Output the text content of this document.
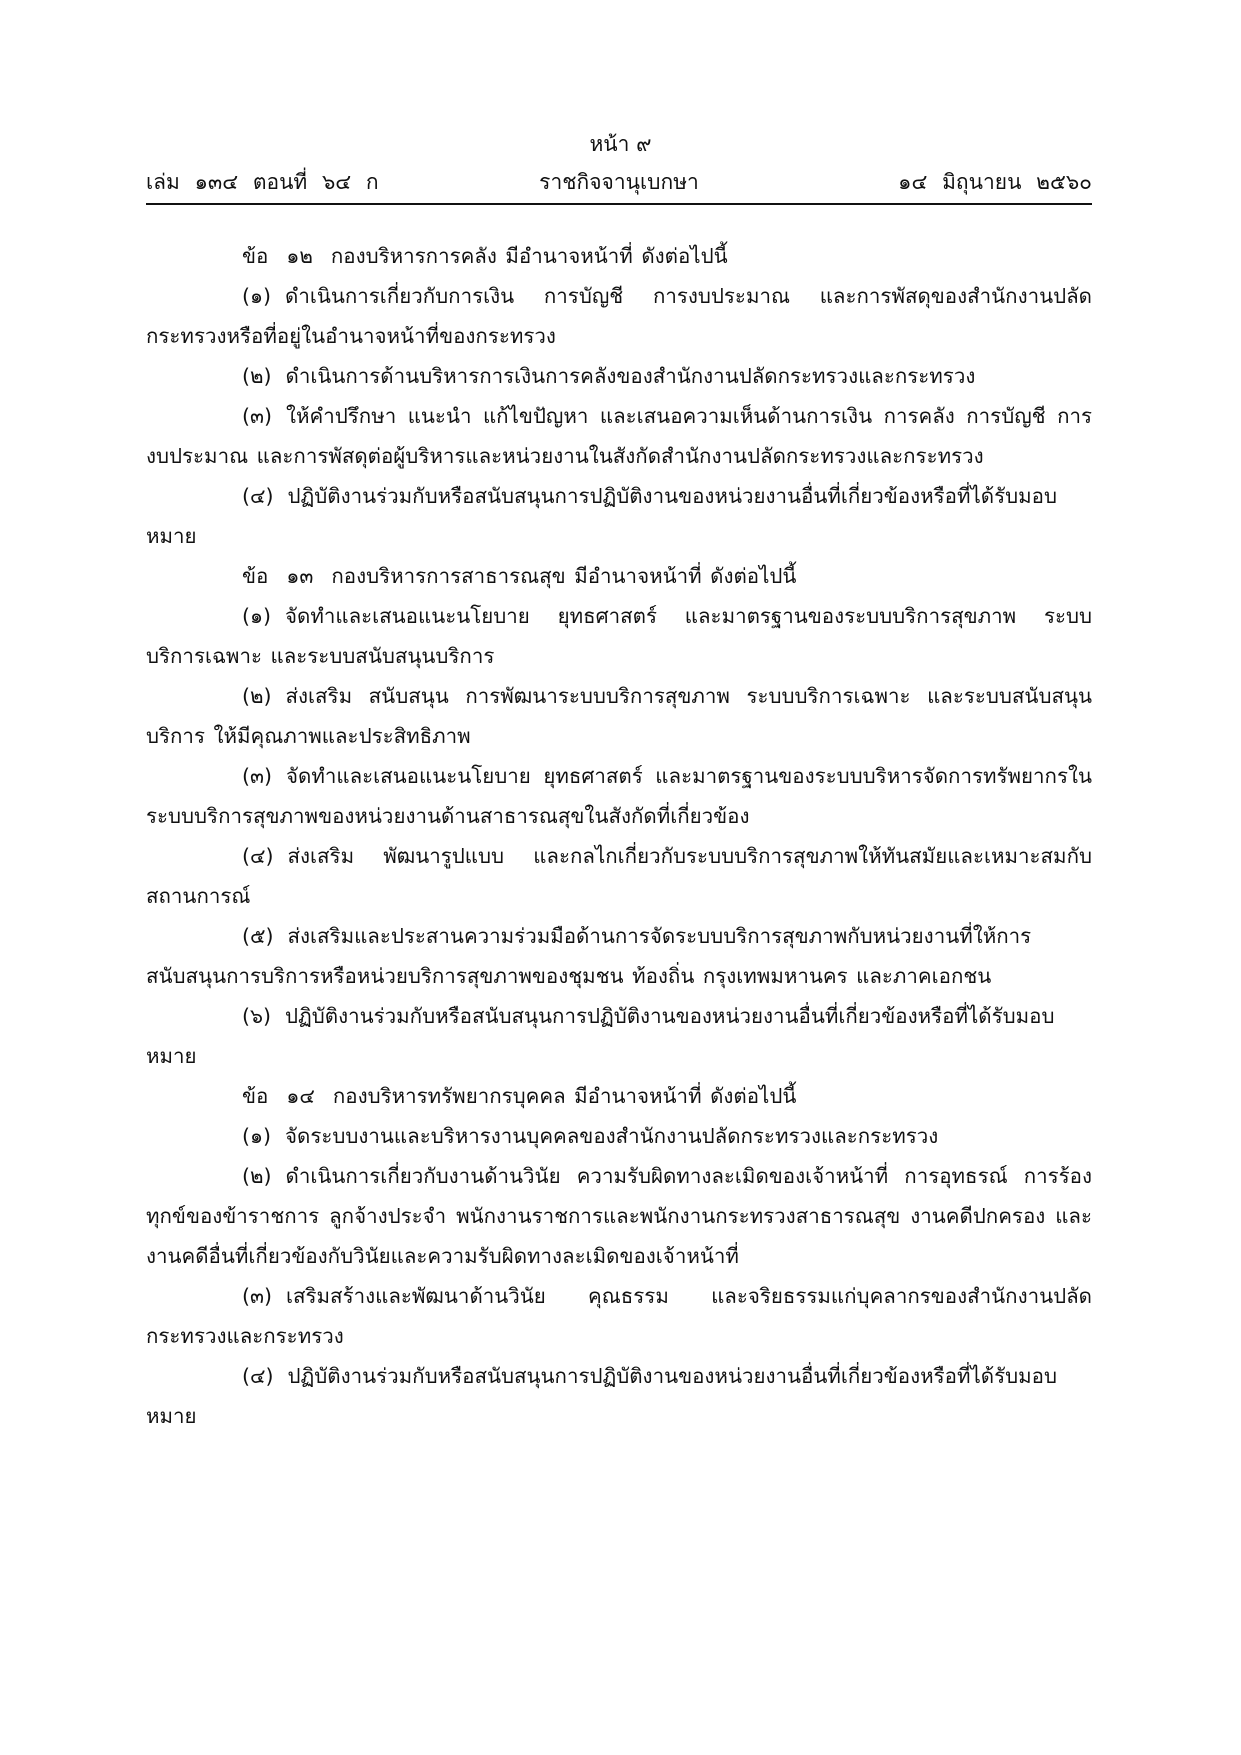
หน้า ๙
เล่ม ๑๓๔ ตอนที่ ๖๔ ก	ราชกิจจานุเบกษา	๑๔ มิถุนายน ๒๕๖๐

ข้อ ๑๒ กองบริหารการคลัง มีอำนาจหน้าที่ ดังต่อไปนี้

(๑) ดำเนินการเกี่ยวกับการเงิน การบัญชี การงบประมาณ และการพัสดุของสำนักงานปลัดกระทรวงหรือที่อยู่ในอำนาจหน้าที่ของกระทรวง

(๒) ดำเนินการด้านบริหารการเงินการคลังของสำนักงานปลัดกระทรวงและกระทรวง

(๓) ให้คำปรึกษา แนะนำ แก้ไขปัญหา และเสนอความเห็นด้านการเงิน การคลัง การบัญชี การงบประมาณ และการพัสดุต่อผู้บริหารและหน่วยงานในสังกัดสำนักงานปลัดกระทรวงและกระทรวง

(๔) ปฏิบัติงานร่วมกับหรือสนับสนุนการปฏิบัติงานของหน่วยงานอื่นที่เกี่ยวข้องหรือที่ได้รับมอบหมาย

ข้อ ๑๓ กองบริหารการสาธารณสุข มีอำนาจหน้าที่ ดังต่อไปนี้

(๑) จัดทำและเสนอแนะนโยบาย ยุทธศาสตร์ และมาตรฐานของระบบบริการสุขภาพ ระบบบริการเฉพาะ และระบบสนับสนุนบริการ

(๒) ส่งเสริม สนับสนุน การพัฒนาระบบบริการสุขภาพ ระบบบริการเฉพาะ และระบบสนับสนุนบริการ ให้มีคุณภาพและประสิทธิภาพ

(๓) จัดทำและเสนอแนะนโยบาย ยุทธศาสตร์ และมาตรฐานของระบบบริหารจัดการทรัพยากรในระบบบริการสุขภาพของหน่วยงานด้านสาธารณสุขในสังกัดที่เกี่ยวข้อง

(๔) ส่งเสริม พัฒนารูปแบบ และกลไกเกี่ยวกับระบบบริการสุขภาพให้ทันสมัยและเหมาะสมกับสถานการณ์

(๕) ส่งเสริมและประสานความร่วมมือด้านการจัดระบบบริการสุขภาพกับหน่วยงานที่ให้การสนับสนุนการบริการหรือหน่วยบริการสุขภาพของชุมชน ท้องถิ่น กรุงเทพมหานคร และภาคเอกชน

(๖) ปฏิบัติงานร่วมกับหรือสนับสนุนการปฏิบัติงานของหน่วยงานอื่นที่เกี่ยวข้องหรือที่ได้รับมอบหมาย

ข้อ ๑๔ กองบริหารทรัพยากรบุคคล มีอำนาจหน้าที่ ดังต่อไปนี้

(๑) จัดระบบงานและบริหารงานบุคคลของสำนักงานปลัดกระทรวงและกระทรวง

(๒) ดำเนินการเกี่ยวกับงานด้านวินัย ความรับผิดทางละเมิดของเจ้าหน้าที่ การอุทธรณ์ การร้องทุกข์ของข้าราชการ ลูกจ้างประจำ พนักงานราชการและพนักงานกระทรวงสาธารณสุข งานคดีปกครอง และงานคดีอื่นที่เกี่ยวข้องกับวินัยและความรับผิดทางละเมิดของเจ้าหน้าที่

(๓) เสริมสร้างและพัฒนาด้านวินัย คุณธรรม และจริยธรรมแก่บุคลากรของสำนักงานปลัดกระทรวงและกระทรวง

(๔) ปฏิบัติงานร่วมกับหรือสนับสนุนการปฏิบัติงานของหน่วยงานอื่นที่เกี่ยวข้องหรือที่ได้รับมอบหมาย
